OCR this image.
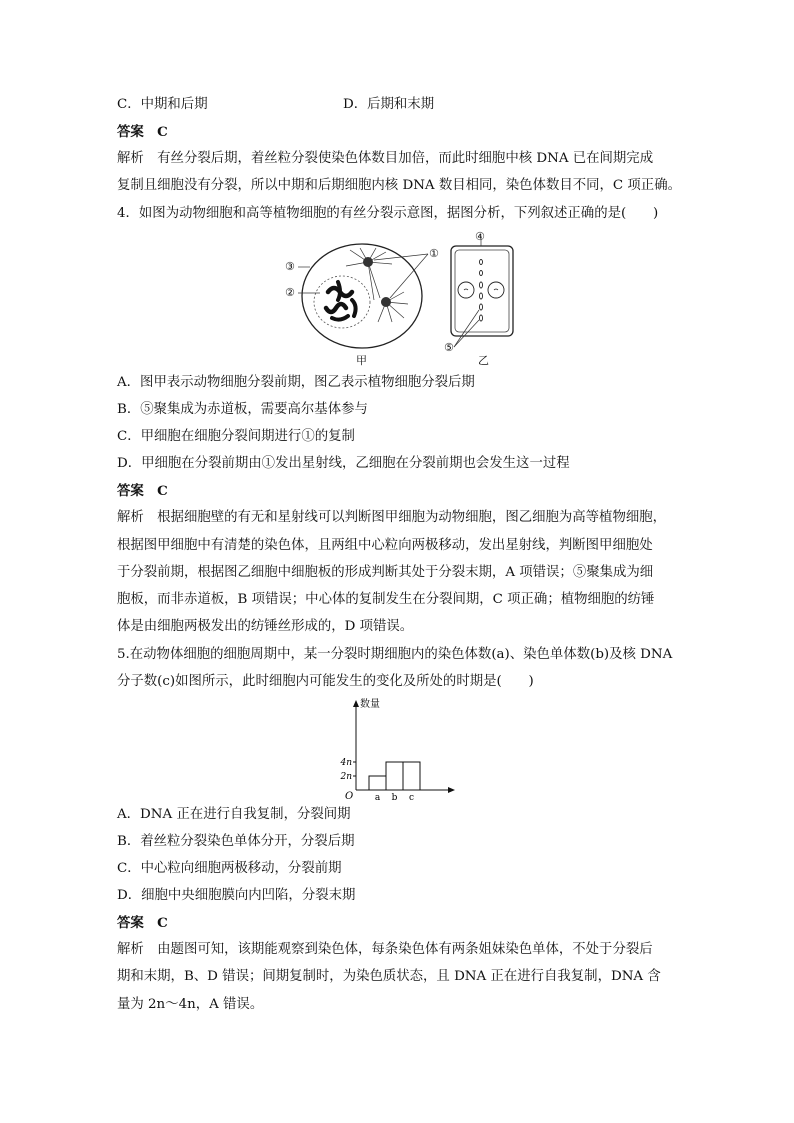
C．中期和后期	D．后期和末期
答案　C
解析　有丝分裂后期，着丝粒分裂使染色体数目加倍，而此时细胞中核 DNA 已在间期完成
复制且细胞没有分裂，所以中期和后期细胞内核 DNA 数目相同，染色体数目不同，C 项正确。
4．如图为动物细胞和高等植物细胞的有丝分裂示意图，据图分析，下列叙述正确的是(　　)
③
②
①
④
⑤
甲	乙
A．图甲表示动物细胞分裂前期，图乙表示植物细胞分裂后期
B．⑤聚集成为赤道板，需要高尔基体参与
C．甲细胞在细胞分裂间期进行①的复制
D．甲细胞在分裂前期由①发出星射线，乙细胞在分裂前期也会发生这一过程
答案　C
解析　根据细胞壁的有无和星射线可以判断图甲细胞为动物细胞，图乙细胞为高等植物细胞，
根据图甲细胞中有清楚的染色体，且两组中心粒向两极移动，发出星射线，判断图甲细胞处
于分裂前期，根据图乙细胞中细胞板的形成判断其处于分裂末期，A 项错误；⑤聚集成为细
胞板，而非赤道板，B 项错误；中心体的复制发生在分裂间期，C 项正确；植物细胞的纺锤
体是由细胞两极发出的纺锤丝形成的，D 项错误。
5.在动物体细胞的细胞周期中，某一分裂时期细胞内的染色体数(a)、染色单体数(b)及核 DNA
分子数(c)如图所示，此时细胞内可能发生的变化及所处的时期是(　　)
数量
O
2n
4n
a b c
A．DNA 正在进行自我复制，分裂间期
B．着丝粒分裂染色单体分开，分裂后期
C．中心粒向细胞两极移动，分裂前期
D．细胞中央细胞膜向内凹陷，分裂末期
答案　C
解析　由题图可知，该期能观察到染色体，每条染色体有两条姐妹染色单体，不处于分裂后
期和末期，B、D 错误；间期复制时，为染色质状态，且 DNA 正在进行自我复制，DNA 含
量为 2n～4n，A 错误。
